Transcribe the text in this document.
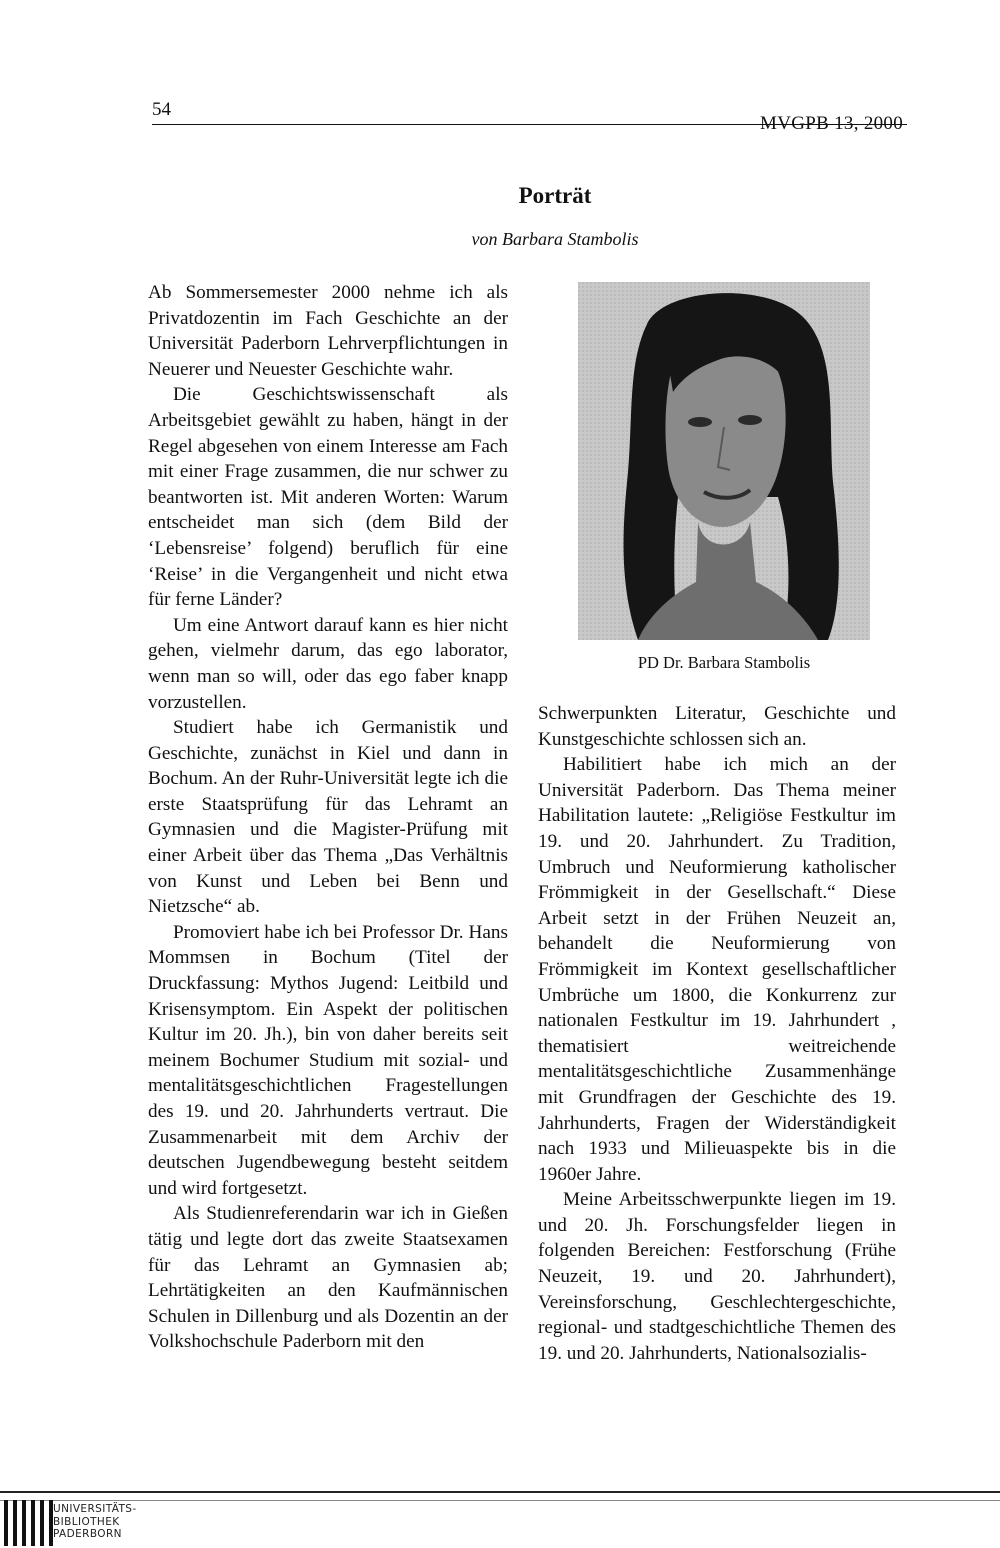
54
MVGPB 13, 2000
Porträt
von Barbara Stambolis

Ab Sommersemester 2000 nehme ich als Privatdozentin im Fach Geschichte an der Universität Paderborn Lehrverpflichtungen in Neuerer und Neuester Geschichte wahr.

Die Geschichtswissenschaft als Arbeitsgebiet gewählt zu haben, hängt in der Regel abgesehen von einem Interesse am Fach mit einer Frage zusammen, die nur schwer zu beantworten ist. Mit anderen Worten: Warum entscheidet man sich (dem Bild der ‘Lebensreise’ folgend) beruflich für eine ‘Reise’ in die Vergangenheit und nicht etwa für ferne Länder?

Um eine Antwort darauf kann es hier nicht gehen, vielmehr darum, das ego laborator, wenn man so will, oder das ego faber knapp vorzustellen.

Studiert habe ich Germanistik und Geschichte, zunächst in Kiel und dann in Bochum. An der Ruhr-Universität legte ich die erste Staatsprüfung für das Lehramt an Gymnasien und die Magister-Prüfung mit einer Arbeit über das Thema „Das Verhältnis von Kunst und Leben bei Benn und Nietzsche“ ab.

Promoviert habe ich bei Professor Dr. Hans Mommsen in Bochum (Titel der Druckfassung: Mythos Jugend: Leitbild und Krisensymptom. Ein Aspekt der politischen Kultur im 20. Jh.), bin von daher bereits seit meinem Bochumer Studium mit sozial- und mentalitätsgeschichtlichen Fragestellungen des 19. und 20. Jahrhunderts vertraut. Die Zusammenarbeit mit dem Archiv der deutschen Jugendbewegung besteht seitdem und wird fortgesetzt.

Als Studienreferendarin war ich in Gießen tätig und legte dort das zweite Staatsexamen für das Lehramt an Gymnasien ab; Lehrtätigkeiten an den Kaufmännischen Schulen in Dillenburg und als Dozentin an der Volkshochschule Paderborn mit den

PD Dr. Barbara Stambolis

Schwerpunkten Literatur, Geschichte und Kunstgeschichte schlossen sich an.

Habilitiert habe ich mich an der Universität Paderborn. Das Thema meiner Habilitation lautete: „Religiöse Festkultur im 19. und 20. Jahrhundert. Zu Tradition, Umbruch und Neuformierung katholischer Frömmigkeit in der Gesellschaft.“ Diese Arbeit setzt in der Frühen Neuzeit an, behandelt die Neuformierung von Frömmigkeit im Kontext gesellschaftlicher Umbrüche um 1800, die Konkurrenz zur nationalen Festkultur im 19. Jahrhundert , thematisiert weitreichende mentalitätsgeschichtliche Zusammenhänge mit Grundfragen der Geschichte des 19. Jahrhunderts, Fragen der Widerständigkeit nach 1933 und Milieuaspekte bis in die 1960er Jahre.

Meine Arbeitsschwerpunkte liegen im 19. und 20. Jh. Forschungsfelder liegen in folgenden Bereichen: Festforschung (Frühe Neuzeit, 19. und 20. Jahrhundert), Vereinsforschung, Geschlechtergeschichte, regional- und stadtgeschichtliche Themen des 19. und 20. Jahrhunderts, Nationalsozialis-

UNIVERSITÄTS-
BIBLIOTHEK
PADERBORN
